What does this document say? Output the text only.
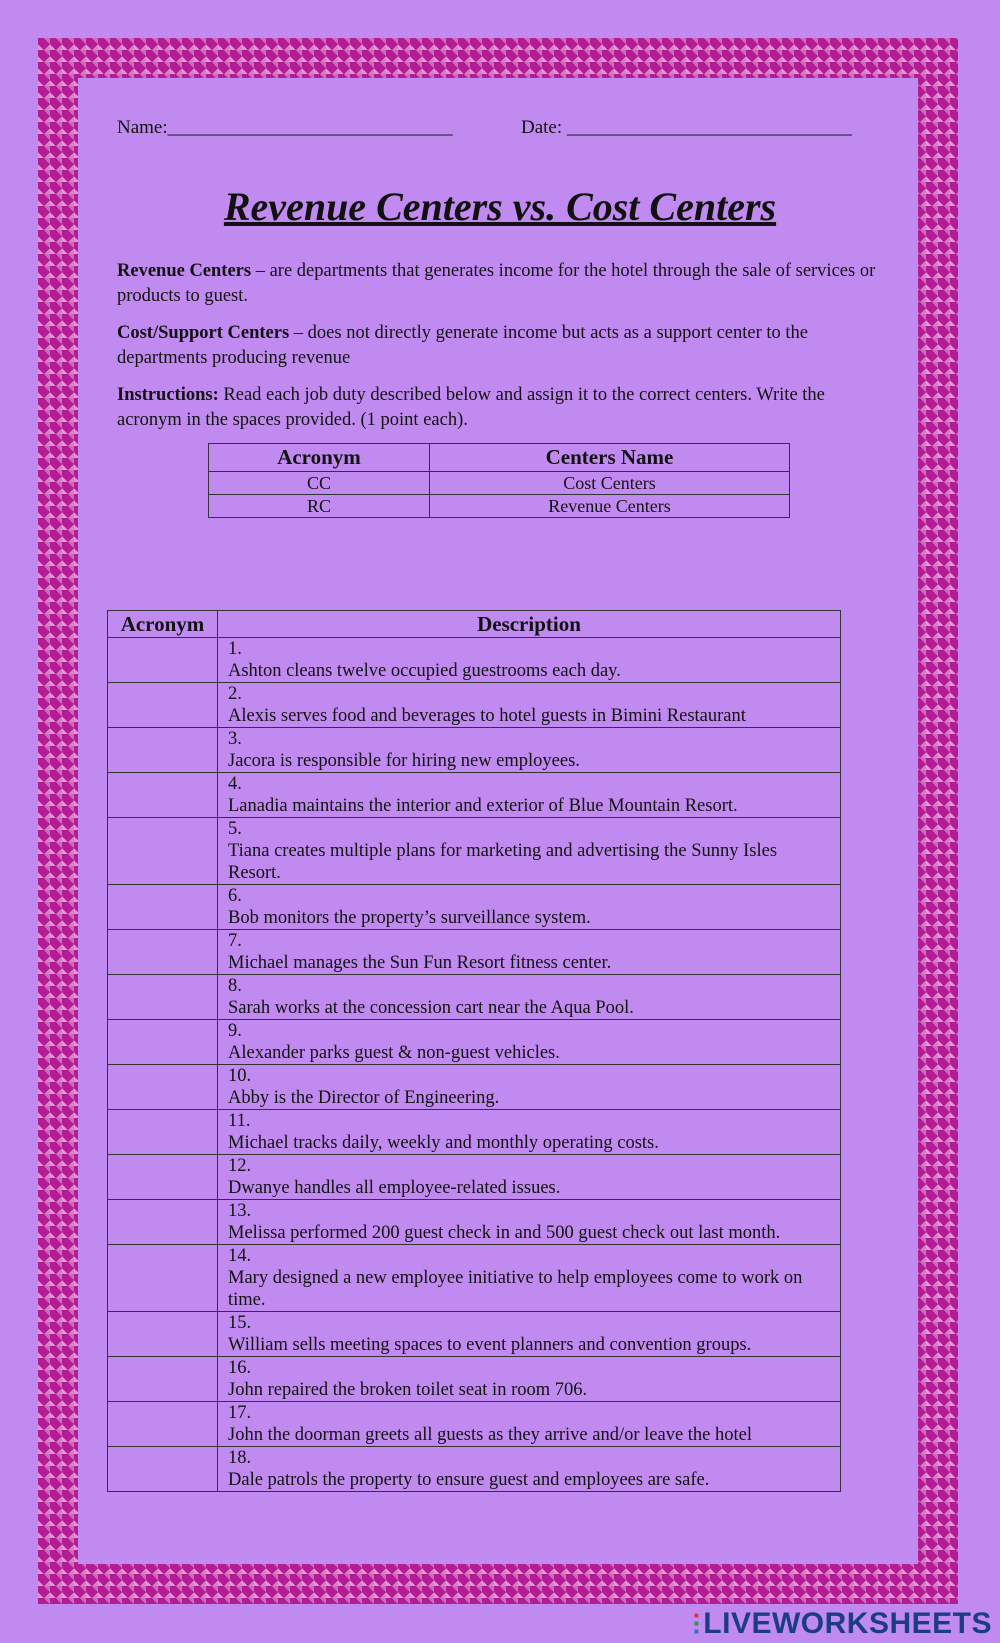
Name:______________________________	Date: ______________________________
Revenue Centers vs. Cost Centers
Revenue Centers – are departments that generates income for the hotel through the sale of services or products to guest.
Cost/Support Centers – does not directly generate income but acts as a support center to the departments producing revenue
Instructions: Read each job duty described below and assign it to the correct centers. Write the acronym in the spaces provided. (1 point each).
Acronym	Centers Name
CC	Cost Centers
RC	Revenue Centers
Acronym	Description
	1.Ashton cleans twelve occupied guestrooms each day.
	2.Alexis serves food and beverages to hotel guests in Bimini Restaurant
	3.Jacora is responsible for hiring new employees.
	4.Lanadia maintains the interior and exterior of Blue Mountain Resort.
	5.Tiana creates multiple plans for marketing and advertising the Sunny Isles Resort.
	6.Bob monitors the property’s surveillance system.
	7.Michael manages the Sun Fun Resort fitness center.
	8.Sarah works at the concession cart near the Aqua Pool.
	9.Alexander parks guest & non-guest vehicles.
	10.Abby is the Director of Engineering.
	11.Michael tracks daily, weekly and monthly operating costs.
	12.Dwanye handles all employee-related issues.
	13.Melissa performed 200 guest check in and 500 guest check out last month.
	14.Mary designed a new employee initiative to help employees come to work on time.
	15.William sells meeting spaces to event planners and convention groups.
	16.John repaired the broken toilet seat in room 706.
	17.John the doorman greets all guests as they arrive and/or leave the hotel
	18.Dale patrols the property to ensure guest and employees are safe.
■
■
■ LIVEWORKSHEETS
